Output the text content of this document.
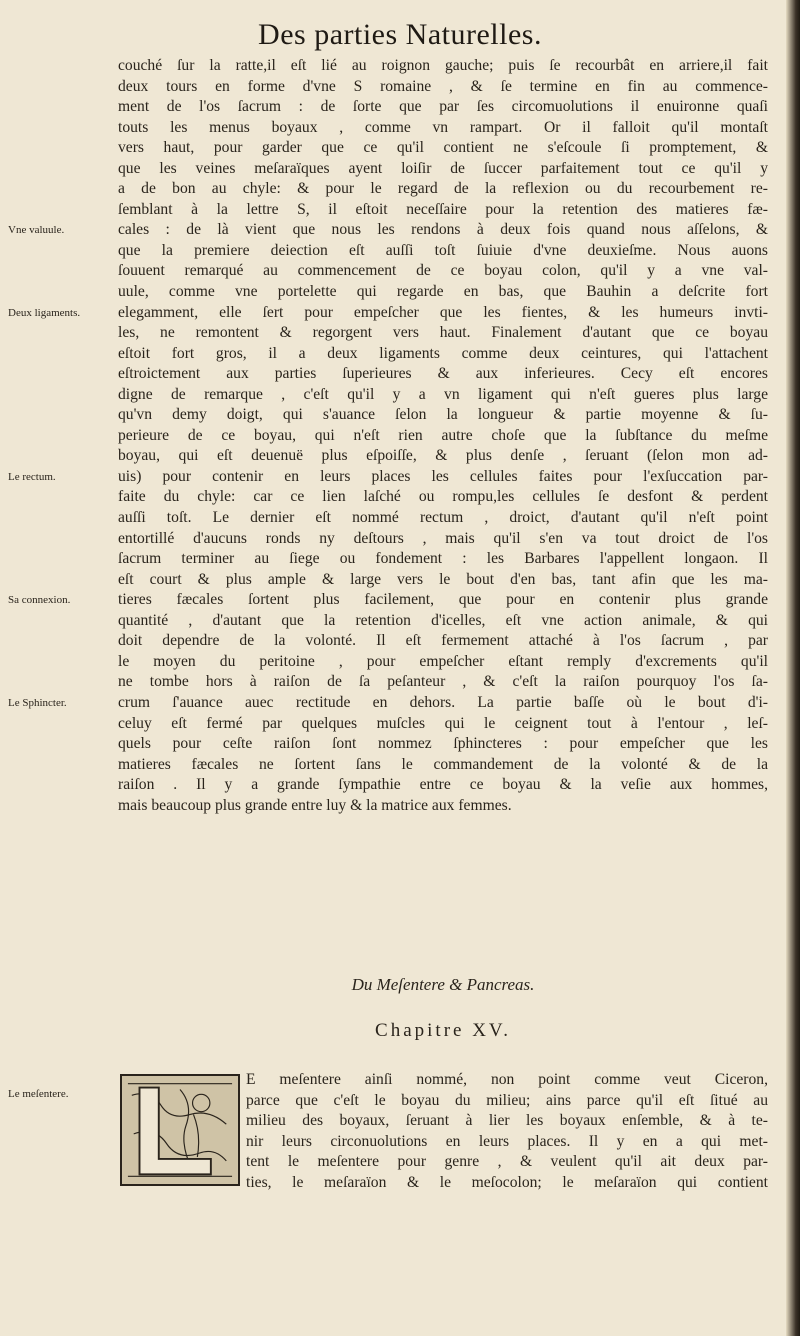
Des parties Naturelles.
Vne valuule.
Deux ligaments.
Le rectum.
Sa connexion.
Le Sphincter.
Le meſentere.
couché ſur la ratte,il eſt lié au roignon gauche; puis ſe recourbât en arriere,il fait
deux tours en forme d'vne S romaine , & ſe termine en fin au commence-
ment de l'os ſacrum : de ſorte que par ſes circomuolutions il enuironne quaſi
touts les menus boyaux , comme vn rampart. Or il falloit qu'il montaſt
vers haut, pour garder que ce qu'il contient ne s'eſcoule ſi promptement, &
que les veines meſaraïques ayent loiſir de ſuccer parfaitement tout ce qu'il y
a de bon au chyle: & pour le regard de la reflexion ou du recourbement re-
ſemblant à la lettre S, il eſtoit neceſſaire pour la retention des matieres fæ-
cales : de là vient que nous les rendons à deux fois quand nous aſſelons, &
que la premiere deiection eſt auſſi toſt ſuiuie d'vne deuxieſme. Nous auons
ſouuent remarqué au commencement de ce boyau colon, qu'il y a vne val-
uule, comme vne portelette qui regarde en bas, que Bauhin a deſcrite fort
elegamment, elle ſert pour empeſcher que les fientes, & les humeurs invti-
les, ne remontent & regorgent vers haut. Finalement d'autant que ce boyau
eſtoit fort gros, il a deux ligaments comme deux ceintures, qui l'attachent
eſtroictement aux parties ſuperieures & aux inferieures. Cecy eſt encores
digne de remarque , c'eſt qu'il y a vn ligament qui n'eſt gueres plus large
qu'vn demy doigt, qui s'auance ſelon la longueur & partie moyenne & ſu-
perieure de ce boyau, qui n'eſt rien autre choſe que la ſubſtance du meſme
boyau, qui eſt deuenuë plus eſpoiſſe, & plus denſe , ſeruant (ſelon mon ad-
uis) pour contenir en leurs places les cellules faites pour l'exſuccation par-
faite du chyle: car ce lien laſché ou rompu,les cellules ſe desfont & perdent
auſſi toſt. Le dernier eſt nommé rectum , droict, d'autant qu'il n'eſt point
entortillé d'aucuns ronds ny deſtours , mais qu'il s'en va tout droict de l'os
ſacrum terminer au ſiege ou fondement : les Barbares l'appellent longaon. Il
eſt court & plus ample & large vers le bout d'en bas, tant afin que les ma-
tieres fæcales ſortent plus facilement, que pour en contenir plus grande
quantité , d'autant que la retention d'icelles, eſt vne action animale, & qui
doit dependre de la volonté. Il eſt fermement attaché à l'os ſacrum , par
le moyen du peritoine , pour empeſcher eſtant remply d'excrements qu'il
ne tombe hors à raiſon de ſa peſanteur , & c'eſt la raiſon pourquoy l'os ſa-
crum ſ'auance auec rectitude en dehors. La partie baſſe où le bout d'i-
celuy eſt fermé par quelques muſcles qui le ceignent tout à l'entour , leſ-
quels pour ceſte raiſon ſont nommez ſphincteres : pour empeſcher que les
matieres fæcales ne ſortent ſans le commandement de la volonté & de la
raiſon . Il y a grande ſympathie entre ce boyau & la veſie aux hommes,
mais beaucoup plus grande entre luy & la matrice aux femmes.
Du Meſentere & Pancreas.
Chapitre XV.
E meſentere ainſi nommé, non point comme veut Ciceron,
parce que c'eſt le boyau du milieu; ains parce qu'il eſt ſitué au
milieu des boyaux, ſeruant à lier les boyaux enſemble, & à te-
nir leurs circonuolutions en leurs places. Il y en a qui met-
tent le meſentere pour genre , & veulent qu'il ait deux par-
ties, le meſaraïon & le meſocolon; le meſaraïon qui contient
